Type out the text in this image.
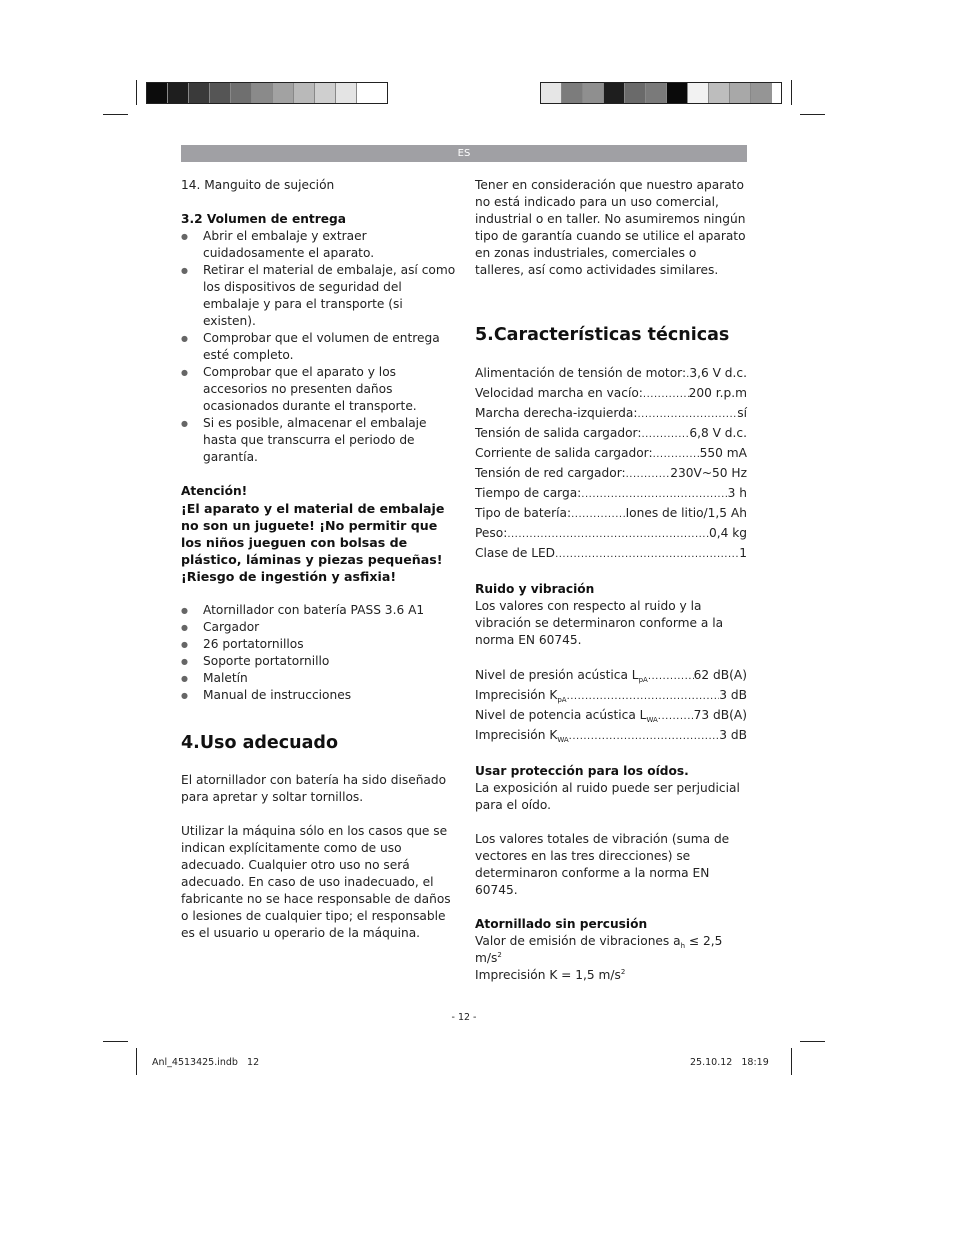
ES

14. Manguito de sujeción

3.2 Volumen de entrega

● Abrir el embalaje y extraer cuidadosamente el aparato.
● Retirar el material de embalaje, así como los dispositivos de seguridad del embalaje y para el transporte (si existen).
● Comprobar que el volumen de entrega esté completo.
● Comprobar que el aparato y los accesorios no presenten daños ocasionados durante el transporte.
● Si es posible, almacenar el embalaje hasta que transcurra el periodo de garantía.

Atención!

¡El aparato y el material de embalaje no son un juguete! ¡No permitir que los niños jueguen con bolsas de plástico, láminas y piezas pequeñas! ¡Riesgo de ingestión y asfixia!

● Atornillador con batería PASS 3.6 A1
● Cargador
● 26 portatornillos
● Soporte portatornillo
● Maletín
● Manual de instrucciones
4.Uso adecuado

El atornillador con batería ha sido diseñado para apretar y soltar tornillos.

Utilizar la máquina sólo en los casos que se indican explícitamente como de uso adecuado. Cualquier otro uso no será adecuado. En caso de uso inadecuado, el fabricante no se hace responsable de daños o lesiones de cualquier tipo; el responsable es el usuario u operario de la máquina.

Tener en consideración que nuestro aparato no está indicado para un uso comercial, industrial o en taller. No asumiremos ningún tipo de garantía cuando se utilice el aparato en zonas industriales, comerciales o talleres, así como actividades similares.

5.Características técnicas
Alimentación de tensión de motor: ..... 3,6 V d.c.
Velocidad marcha en vacío: .....	200 r.p.m
Marcha derecha-izquierda: .....	sí
Tensión de salida cargador: .....	6,8 V d.c.
Corriente de salida cargador: .....	550 mA
Tensión de red cargador: .....	230V~50 Hz
Tiempo de carga: .....	3 h
Tipo de batería: .....	Iones de litio/1,5 Ah
Peso: .....	0,4 kg
Clase de LED .....	1

Ruido y vibración

Los valores con respecto al ruido y la vibración se determinaron conforme a la norma EN 60745.

Nivel de presión acústica $L_{pA}$ .....	62 dB(A)
Imprecisión $K_{pA}$ .....	3 dB
Nivel de potencia acústica $L_{WA}$ .....	73 dB(A)
Imprecisión $K_{WA}$ .....	3 dB

Usar protección para los oídos.

La exposición al ruido puede ser perjudicial para el oído.

Los valores totales de vibración (suma de vectores en las tres direcciones) se determinaron conforme a la norma EN 60745.

Atornillado sin percusión

Valor de emisión de vibraciones $a_h \le 2,5$ $m/s^2$

Imprecisión K = 1,5 $m/s^2$

- 12 -
Anl_4513425.indb   12	25.10.12   18:19
